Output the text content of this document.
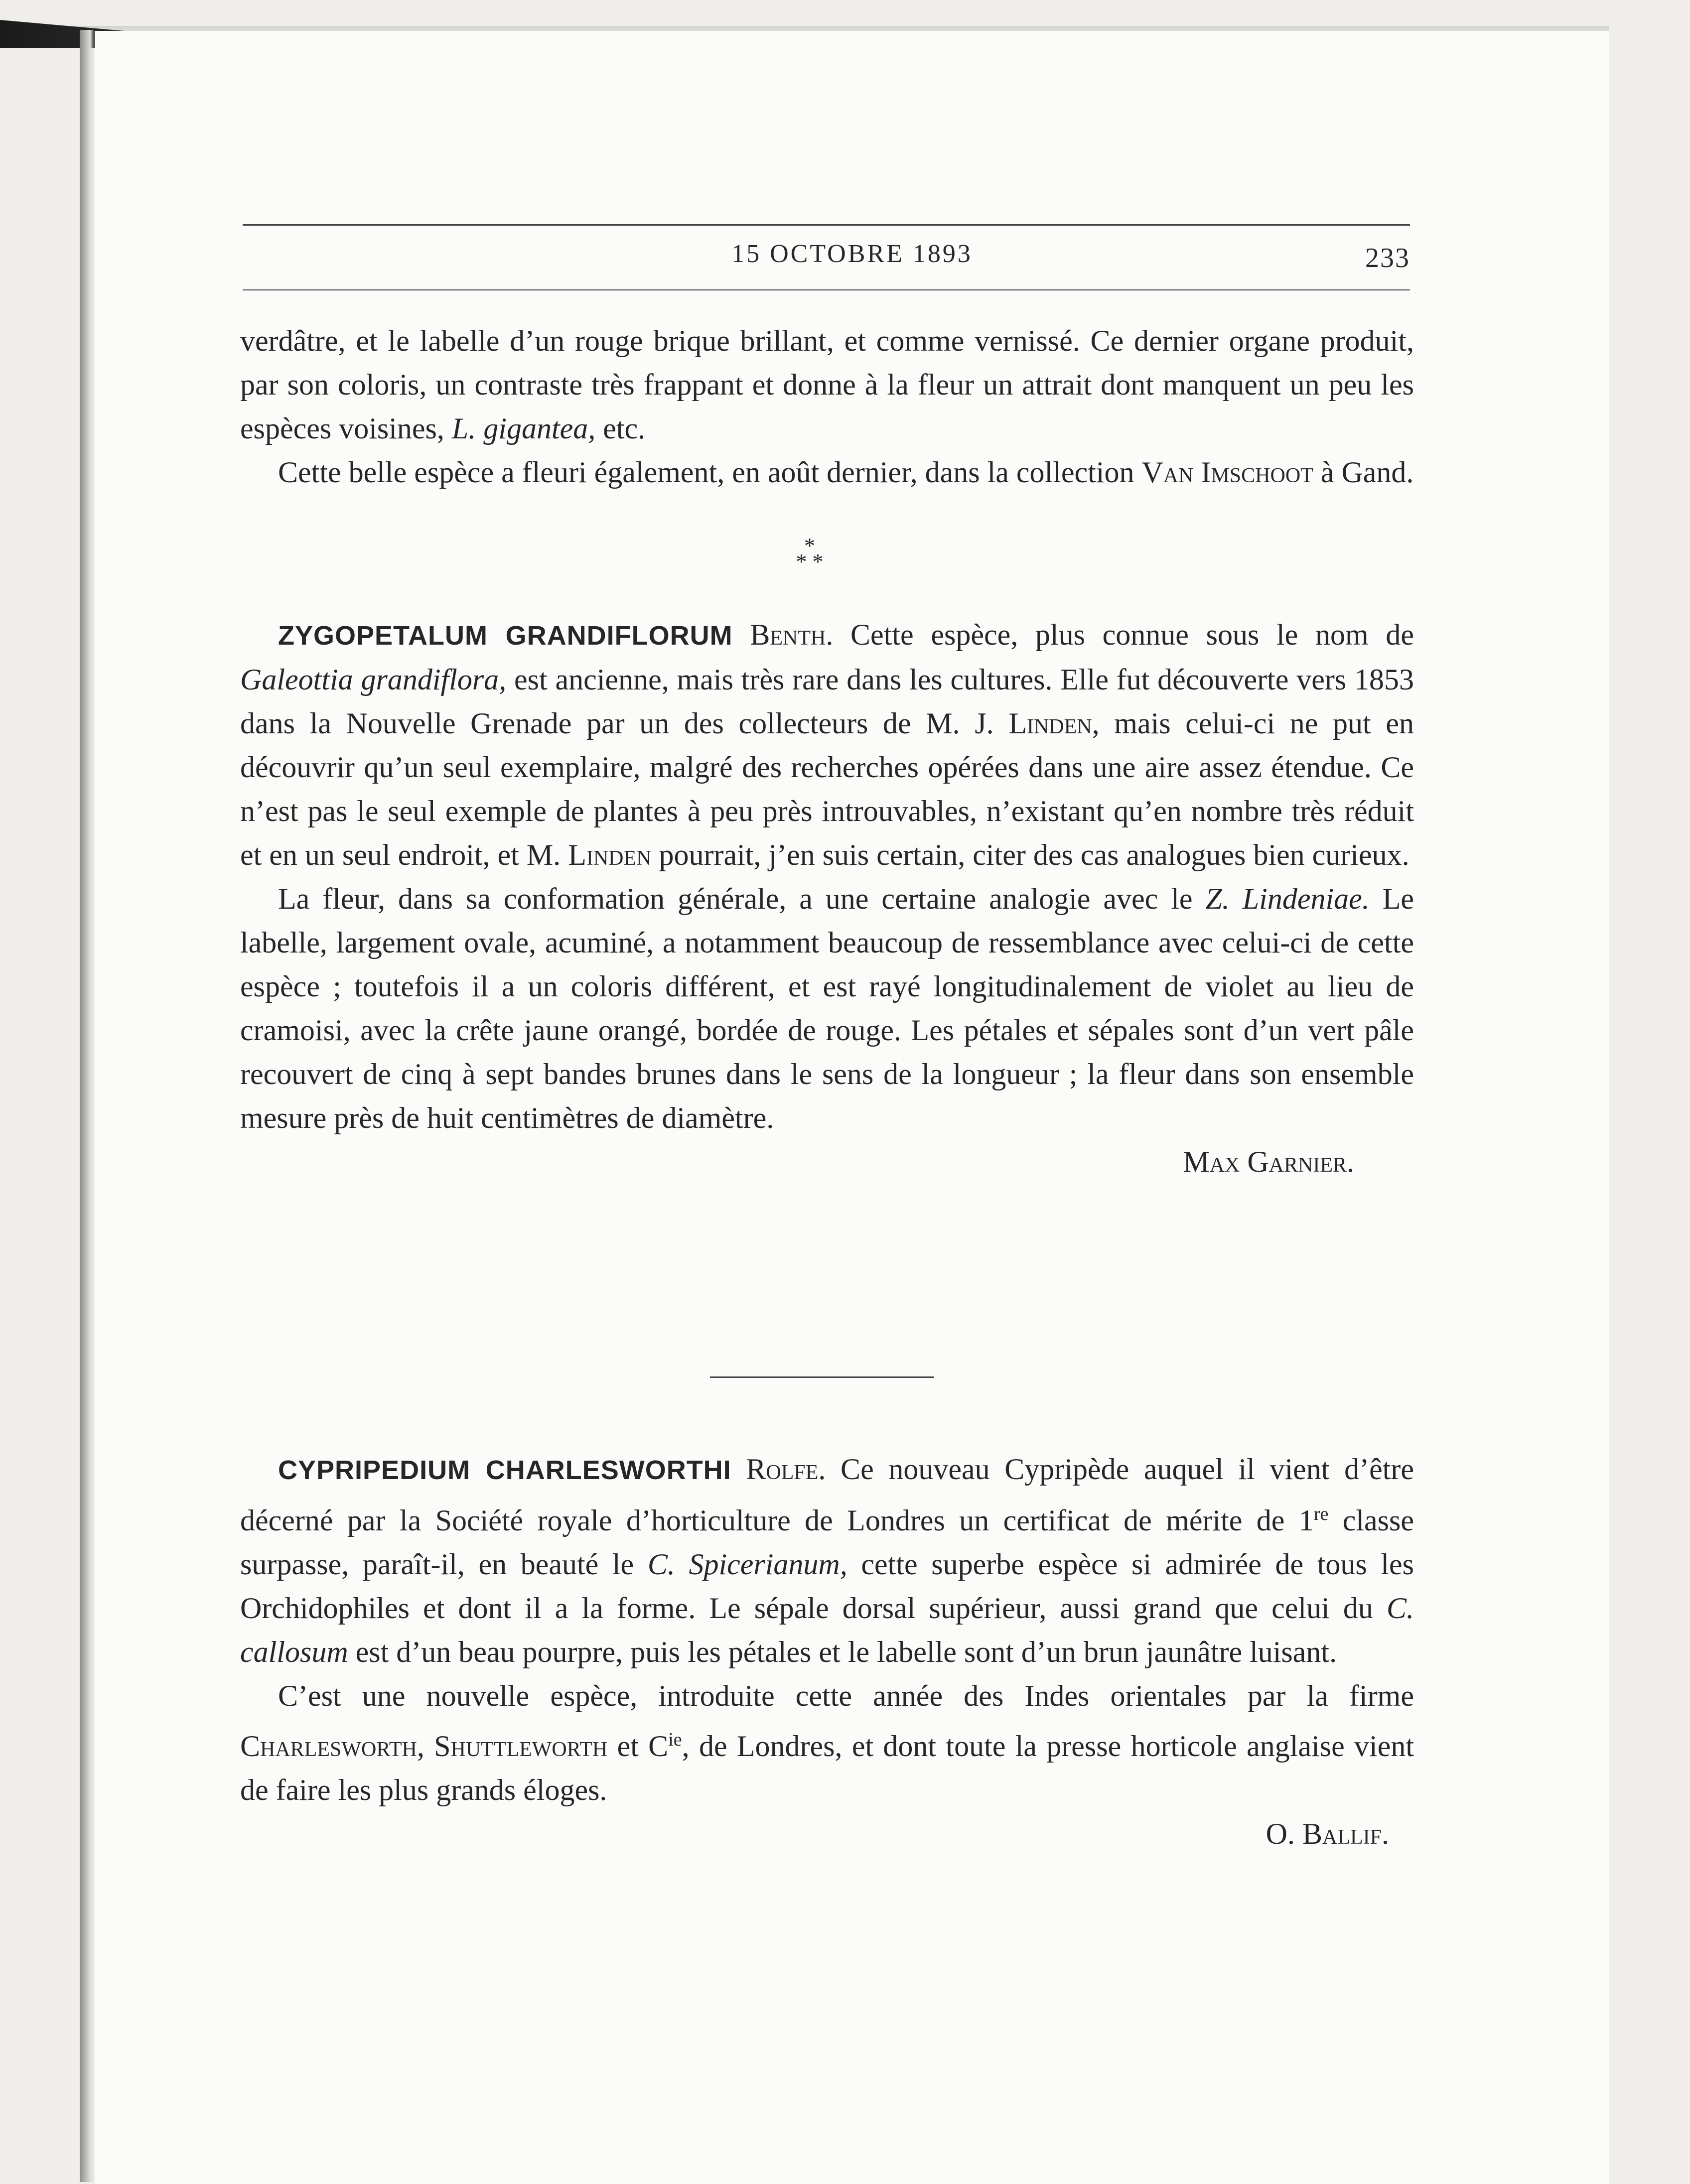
15 OCTOBRE 1893	233

verdâtre, et le labelle d’un rouge brique brillant, et comme vernissé. Ce dernier organe produit, par son coloris, un contraste très frappant et donne à la fleur un attrait dont manquent un peu les espèces voisines, L. gigantea, etc.

Cette belle espèce a fleuri également, en août dernier, dans la collection Van Imschoot à Gand.

*
* *

ZYGOPETALUM GRANDIFLORUM Benth. Cette espèce, plus connue sous le nom de Galeottia grandiflora, est ancienne, mais très rare dans les cultures. Elle fut découverte vers 1853 dans la Nouvelle Grenade par un des collecteurs de M. J. Linden, mais celui-ci ne put en découvrir qu’un seul exemplaire, malgré des recherches opérées dans une aire assez étendue. Ce n’est pas le seul exemple de plantes à peu près introuvables, n’existant qu’en nombre très réduit et en un seul endroit, et M. Linden pourrait, j’en suis certain, citer des cas analogues bien curieux.

La fleur, dans sa conformation générale, a une certaine analogie avec le Z. Lindeniae. Le labelle, largement ovale, acuminé, a notamment beaucoup de ressemblance avec celui-ci de cette espèce ; toutefois il a un coloris différent, et est rayé longitudinalement de violet au lieu de cramoisi, avec la crête jaune orangé, bordée de rouge. Les pétales et sépales sont d’un vert pâle recouvert de cinq à sept bandes brunes dans le sens de la longueur ; la fleur dans son ensemble mesure près de huit centimètres de diamètre.

Max Garnier.

CYPRIPEDIUM CHARLESWORTHI Rolfe. Ce nouveau Cypripède auquel il vient d’être décerné par la Société royale d’horticulture de Londres un certificat de mérite de 1re classe surpasse, paraît-il, en beauté le C. Spicerianum, cette superbe espèce si admirée de tous les Orchidophiles et dont il a la forme. Le sépale dorsal supérieur, aussi grand que celui du C. callosum est d’un beau pourpre, puis les pétales et le labelle sont d’un brun jaunâtre luisant.

C’est une nouvelle espèce, introduite cette année des Indes orientales par la firme Charlesworth, Shuttleworth et $C^{ie}$, de Londres, et dont toute la presse horticole anglaise vient de faire les plus grands éloges.

O. Ballif.
